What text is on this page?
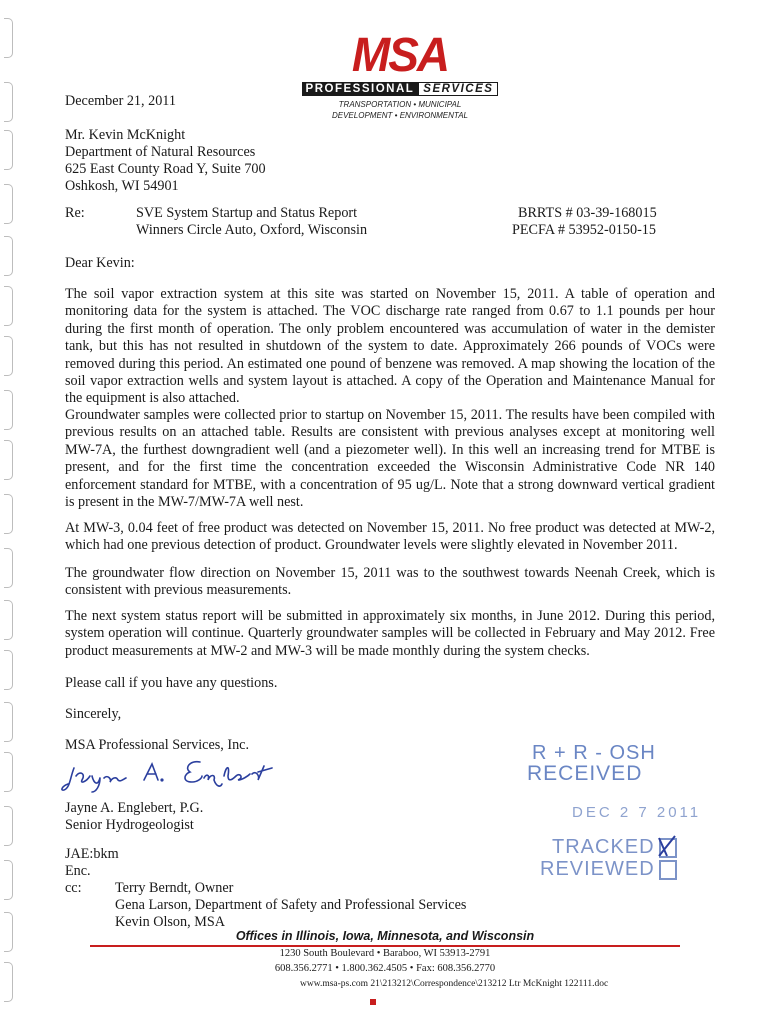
MSA
PROFESSIONAL SERVICES
TRANSPORTATION • MUNICIPAL
DEVELOPMENT • ENVIRONMENTAL
December 21, 2011
Mr. Kevin McKnight
Department of Natural Resources
625 East County Road Y, Suite 700
Oshkosh, WI 54901
Re:	SVE System Startup and Status Report
Winners Circle Auto, Oxford, Wisconsin
BRRTS # 03-39-168015
PECFA # 53952-0150-15
Dear Kevin:
The soil vapor extraction system at this site was started on November 15, 2011. A table of operation and monitoring data for the system is attached. The VOC discharge rate ranged from 0.67 to 1.1 pounds per hour during the first month of operation. The only problem encountered was accumulation of water in the demister tank, but this has not resulted in shutdown of the system to date. Approximately 266 pounds of VOCs were removed during this period. An estimated one pound of benzene was removed. A map showing the location of the soil vapor extraction wells and system layout is attached. A copy of the Operation and Maintenance Manual for the equipment is also attached.
Groundwater samples were collected prior to startup on November 15, 2011. The results have been compiled with previous results on an attached table. Results are consistent with previous analyses except at monitoring well MW-7A, the furthest downgradient well (and a piezometer well). In this well an increasing trend for MTBE is present, and for the first time the concentration exceeded the Wisconsin Administrative Code NR 140 enforcement standard for MTBE, with a concentration of 95 ug/L. Note that a strong downward vertical gradient is present in the MW-7/MW-7A well nest.
At MW-3, 0.04 feet of free product was detected on November 15, 2011. No free product was detected at MW-2, which had one previous detection of product. Groundwater levels were slightly elevated in November 2011.
The groundwater flow direction on November 15, 2011 was to the southwest towards Neenah Creek, which is consistent with previous measurements.
The next system status report will be submitted in approximately six months, in June 2012. During this period, system operation will continue. Quarterly groundwater samples will be collected in February and May 2012. Free product measurements at MW-2 and MW-3 will be made monthly during the system checks.
Please call if you have any questions.
Sincerely,
MSA Professional Services, Inc.
Jayne A. Englebert, P.G.
Senior Hydrogeologist
JAE:bkm
Enc.
cc: Terry Berndt, Owner
Gena Larson, Department of Safety and Professional Services
Kevin Olson, MSA
R + R - OSH
RECEIVED
DEC 2 7 2011
TRACKED
REVIEWED
Offices in Illinois, Iowa, Minnesota, and Wisconsin
1230 South Boulevard • Baraboo, WI 53913-2791
608.356.2771 • 1.800.362.4505 • Fax: 608.356.2770
www.msa-ps.com 21\213212\Correspondence\213212 Ltr McKnight 122111.doc
